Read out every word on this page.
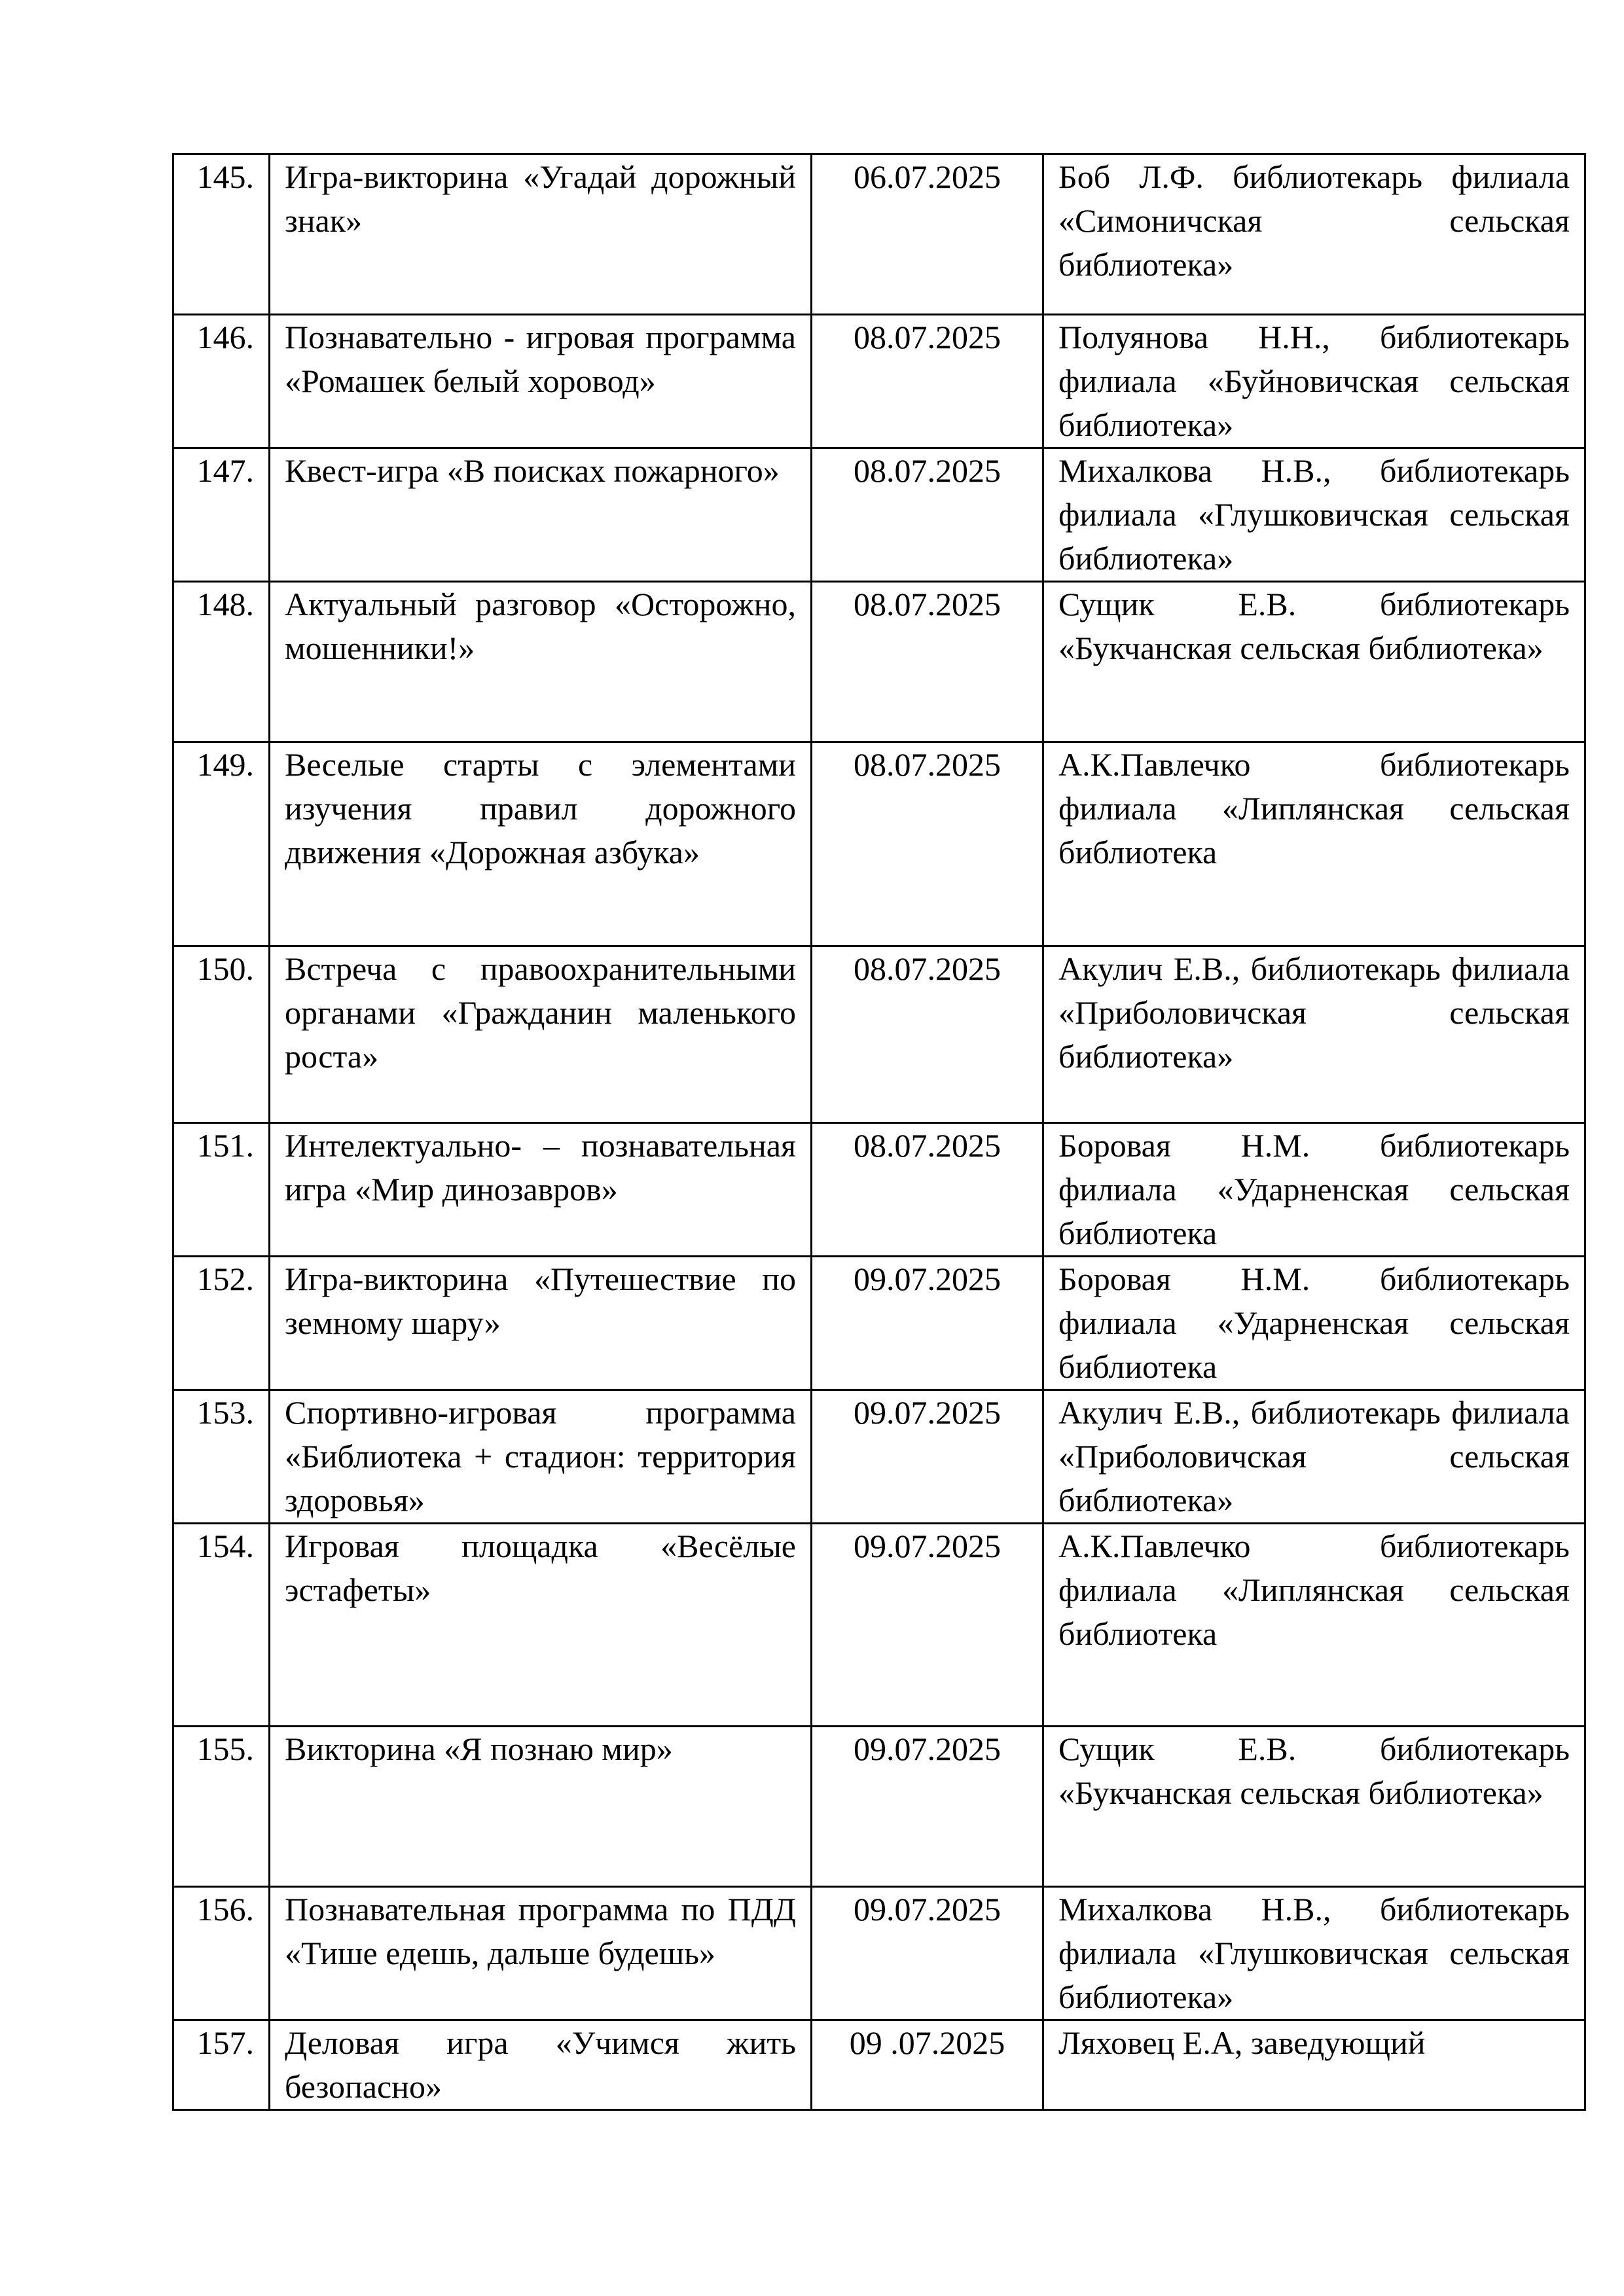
145.	Игра-викторина «Угадай дорожный знак»	06.07.2025	Боб Л.Ф. библиотекарь филиала «Симоничская сельская библиотека»
146.	Познавательно - игровая программа «Ромашек белый хоровод»	08.07.2025	Полуянова Н.Н., библиотекарь филиала «Буйновичская сельская библиотека»
147.	Квест-игра «В поисках пожарного»	08.07.2025	Михалкова Н.В., библиотекарь филиала «Глушковичская сельская библиотека»
148.	Актуальный разговор «Осторожно, мошенники!»	08.07.2025	Сущик Е.В. библиотекарь «Букчанская сельская библиотека»
149.	Веселые старты с элементами изучения правил дорожного движения «Дорожная азбука»	08.07.2025	А.К.Павлечко библиотекарь филиала «Липлянская сельская библиотека
150.	Встреча с правоохранительными органами «Гражданин маленького роста»	08.07.2025	Акулич Е.В., библиотекарь филиала «Приболовичская сельская библиотека»
151.	Интелектуально- – познавательная игра «Мир динозавров»	08.07.2025	Боровая Н.М. библиотекарь филиала «Ударненская сельская библиотека
152.	Игра-викторина «Путешествие по земному шару»	09.07.2025	Боровая Н.М. библиотекарь филиала «Ударненская сельская библиотека
153.	Спортивно-игровая программа «Библиотека + стадион: территория здоровья»	09.07.2025	Акулич Е.В., библиотекарь филиала «Приболовичская сельская библиотека»
154.	Игровая площадка «Весёлые эстафеты»	09.07.2025	А.К.Павлечко библиотекарь филиала «Липлянская сельская библиотека
155.	Викторина «Я познаю мир»	09.07.2025	Сущик Е.В. библиотекарь «Букчанская сельская библиотека»
156.	Познавательная программа по ПДД «Тише едешь, дальше будешь»	09.07.2025	Михалкова Н.В., библиотекарь филиала «Глушковичская сельская библиотека»
157.	Деловая игра «Учимся жить безопасно»	09 .07.2025	Ляховец Е.А, заведующий
